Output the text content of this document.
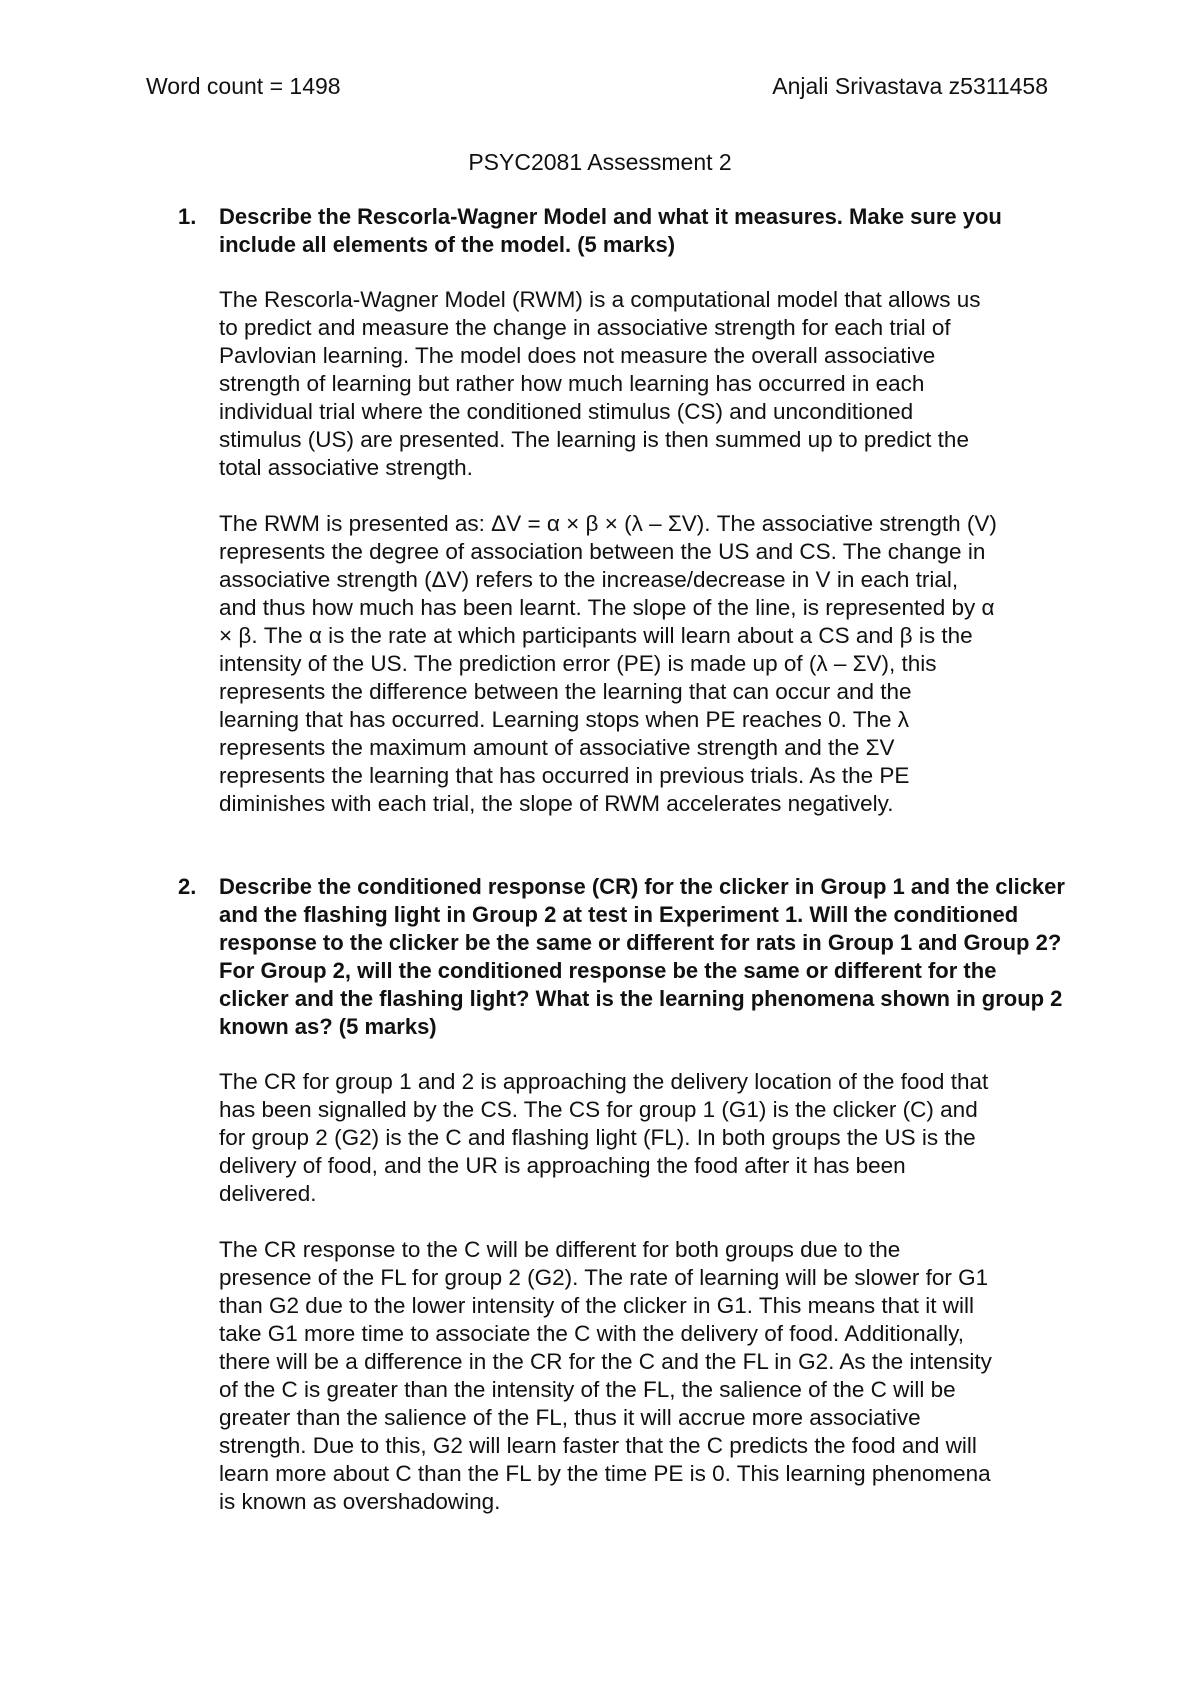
Word count = 1498	Anjali Srivastava z5311458
PSYC2081 Assessment 2
1. Describe the Rescorla-Wagner Model and what it measures. Make sure you include all elements of the model. (5 marks)

The Rescorla-Wagner Model (RWM) is a computational model that allows us
to predict and measure the change in associative strength for each trial of
Pavlovian learning. The model does not measure the overall associative
strength of learning but rather how much learning has occurred in each
individual trial where the conditioned stimulus (CS) and unconditioned
stimulus (US) are presented. The learning is then summed up to predict the
total associative strength.

The RWM is presented as: ΔV = α × β × (λ – ΣV). The associative strength (V)
represents the degree of association between the US and CS. The change in
associative strength (ΔV) refers to the increase/decrease in V in each trial,
and thus how much has been learnt. The slope of the line, is represented by α
× β. The α is the rate at which participants will learn about a CS and β is the
intensity of the US. The prediction error (PE) is made up of (λ – ΣV), this
represents the difference between the learning that can occur and the
learning that has occurred. Learning stops when PE reaches 0. The λ
represents the maximum amount of associative strength and the ΣV
represents the learning that has occurred in previous trials. As the PE
diminishes with each trial, the slope of RWM accelerates negatively.

2. Describe the conditioned response (CR) for the clicker in Group 1 and the clicker and the flashing light in Group 2 at test in Experiment 1. Will the conditioned response to the clicker be the same or different for rats in Group 1 and Group 2? For Group 2, will the conditioned response be the same or different for the clicker and the flashing light? What is the learning phenomena shown in group 2 known as? (5 marks)

The CR for group 1 and 2 is approaching the delivery location of the food that
has been signalled by the CS. The CS for group 1 (G1) is the clicker (C) and
for group 2 (G2) is the C and flashing light (FL). In both groups the US is the
delivery of food, and the UR is approaching the food after it has been
delivered.

The CR response to the C will be different for both groups due to the
presence of the FL for group 2 (G2). The rate of learning will be slower for G1
than G2 due to the lower intensity of the clicker in G1. This means that it will
take G1 more time to associate the C with the delivery of food. Additionally,
there will be a difference in the CR for the C and the FL in G2. As the intensity
of the C is greater than the intensity of the FL, the salience of the C will be
greater than the salience of the FL, thus it will accrue more associative
strength. Due to this, G2 will learn faster that the C predicts the food and will
learn more about C than the FL by the time PE is 0. This learning phenomena
is known as overshadowing.
